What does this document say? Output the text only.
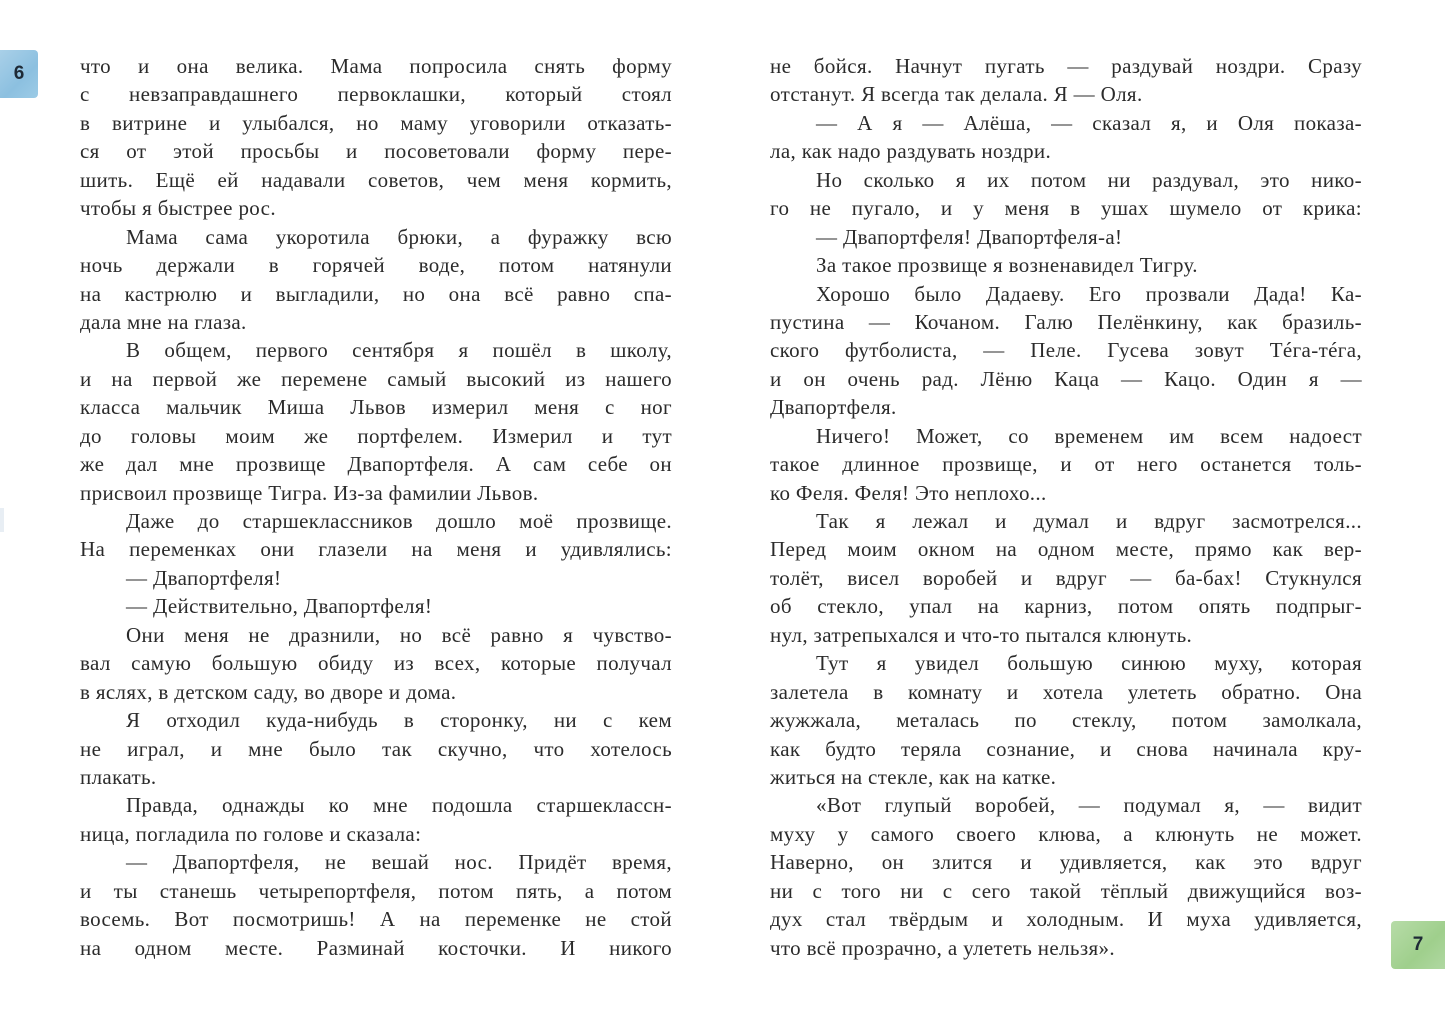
6	что и она велика. Мама попросила снять форму
с невзаправдашнего первоклашки, который стоял
в витрине и улыбался, но маму уговорили отказать-
ся от этой просьбы и посоветовали форму пере-
шить. Ещё ей надавали советов, чем меня кормить,
чтобы я быстрее рос.
Мама сама укоротила брюки, а фуражку всю
ночь держали в горячей воде, потом натянули
на кастрюлю и выгладили, но она всё равно спа-
дала мне на глаза.
В общем, первого сентября я пошёл в школу,
и на первой же перемене самый высокий из нашего
класса мальчик Миша Львов измерил меня с ног
до головы моим же портфелем. Измерил и тут
же дал мне прозвище Двапортфеля. А сам себе он
присвоил прозвище Тигра. Из-за фамилии Львов.
Даже до старшеклассников дошло моё прозвище.
На переменках они глазели на меня и удивлялись:
— Двапортфеля!
— Действительно, Двапортфеля!
Они меня не дразнили, но всё равно я чувство-
вал самую большую обиду из всех, которые получал
в яслях, в детском саду, во дворе и дома.
Я отходил куда-нибудь в сторонку, ни с кем
не играл, и мне было так скучно, что хотелось
плакать.
Правда, однажды ко мне подошла старшеклассн-
ница, погладила по голове и сказала:
— Двапортфеля, не вешай нос. Придёт время,
и ты станешь четырепортфеля, потом пять, а потом
восемь. Вот посмотришь! А на переменке не стой
на одном месте. Разминай косточки. И никого
не бойся. Начнут пугать — раздувай ноздри. Сразу
отстанут. Я всегда так делала. Я — Оля.
— А я — Алёша, — сказал я, и Оля показа-
ла, как надо раздувать ноздри.
Но сколько я их потом ни раздувал, это нико-
го не пугало, и у меня в ушах шумело от крика:
— Двапортфеля! Двапортфеля-а!
За такое прозвище я возненавидел Тигру.
Хорошо было Дадаеву. Его прозвали Дада! Ка-
пустина — Кочаном. Галю Пелёнкину, как бразиль-
ского футболиста, — Пеле. Гусева зовут Тéга-тéга,
и он очень рад. Лёню Каца — Кацо. Один я —
Двапортфеля.
Ничего! Может, со временем им всем надоест
такое длинное прозвище, и от него останется толь-
ко Феля. Феля! Это неплохо...
Так я лежал и думал и вдруг засмотрелся...
Перед моим окном на одном месте, прямо как вер-
толёт, висел воробей и вдруг — ба-бах! Стукнулся
об стекло, упал на карниз, потом опять подпрыг-
нул, затрепыхался и что-то пытался клюнуть.
Тут я увидел большую синюю муху, которая
залетела в комнату и хотела улететь обратно. Она
жужжала, металась по стеклу, потом замолкала,
как будто теряла сознание, и снова начинала кру-
житься на стекле, как на катке.
«Вот глупый воробей, — подумал я, — видит
муху у самого своего клюва, а клюнуть не может.
Наверно, он злится и удивляется, как это вдруг
ни с того ни с сего такой тёплый движущийся воз-
дух стал твёрдым и холодным. И муха удивляется,
что всё прозрачно, а улететь нельзя».	7
